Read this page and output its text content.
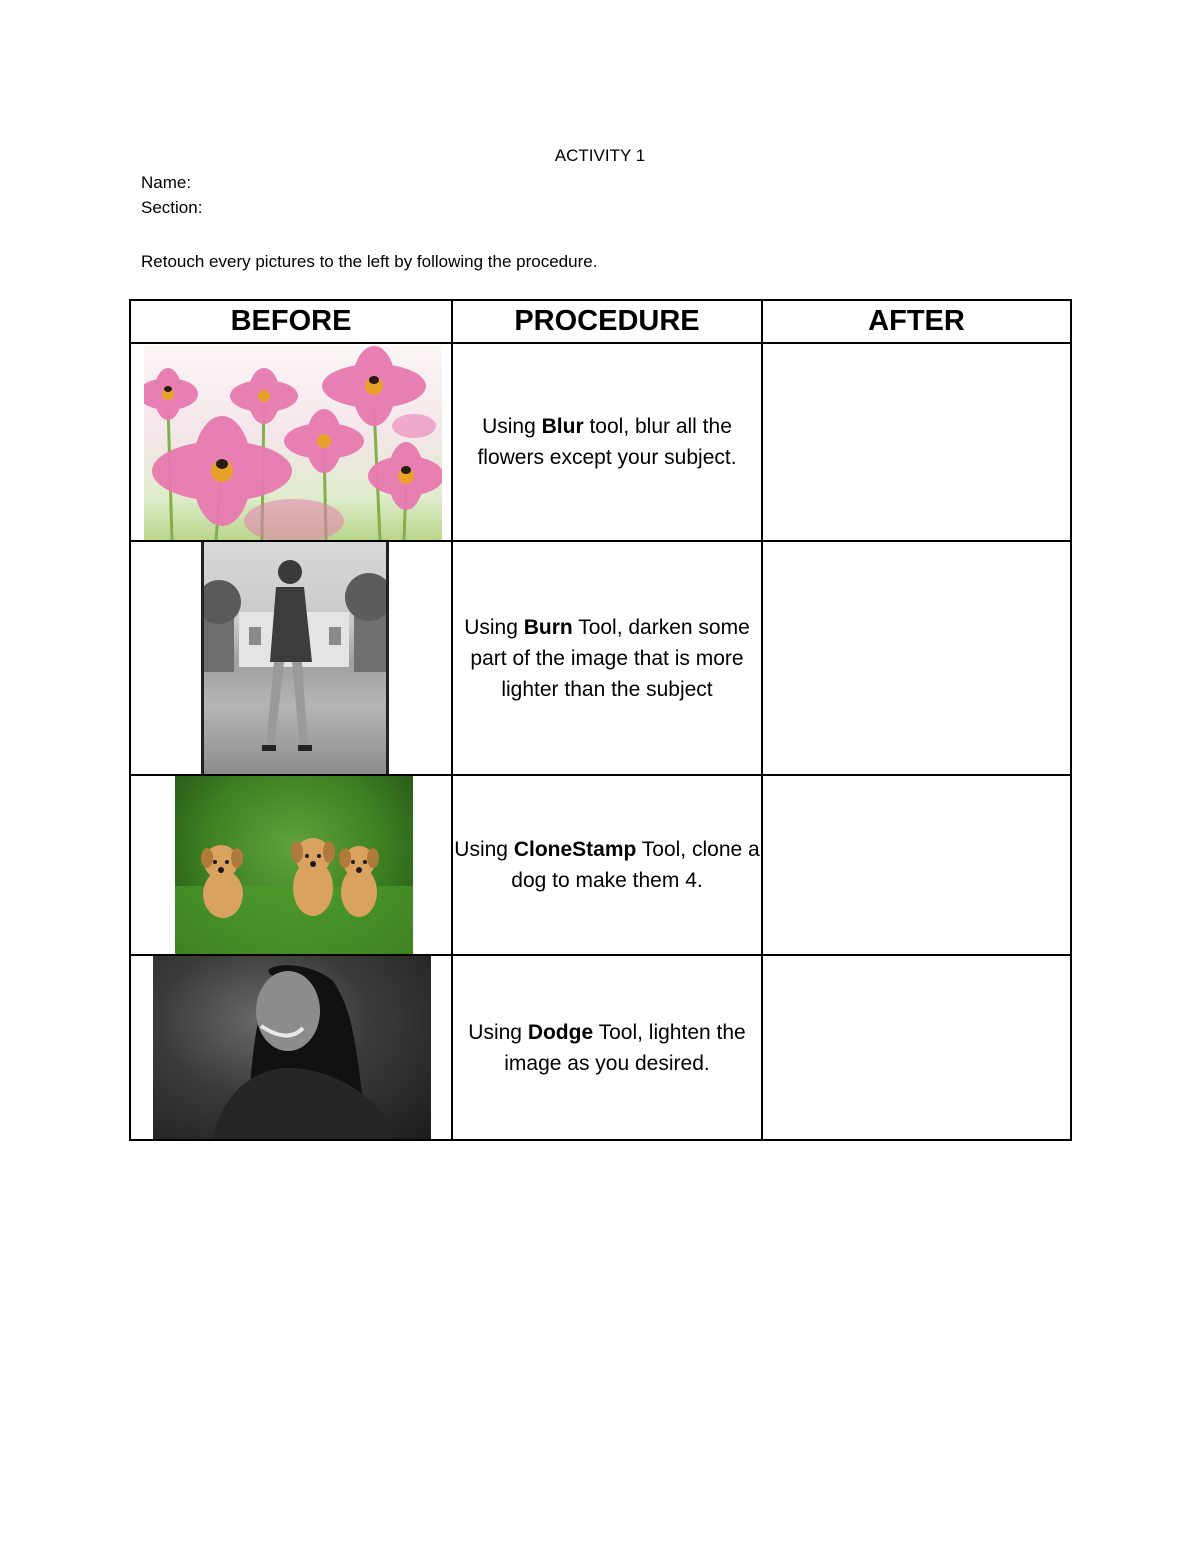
ACTIVITY 1
Name:
Section:
Retouch every pictures to the left by following the procedure.
BEFORE	PROCEDURE	AFTER

	Using Blur tool, blur all the flowers except your subject.	

	Using Burn Tool, darken some part of the image that is more lighter than the subject	

	Using CloneStamp Tool, clone a dog to make them 4.	

	Using Dodge Tool, lighten the image as you desired.	
